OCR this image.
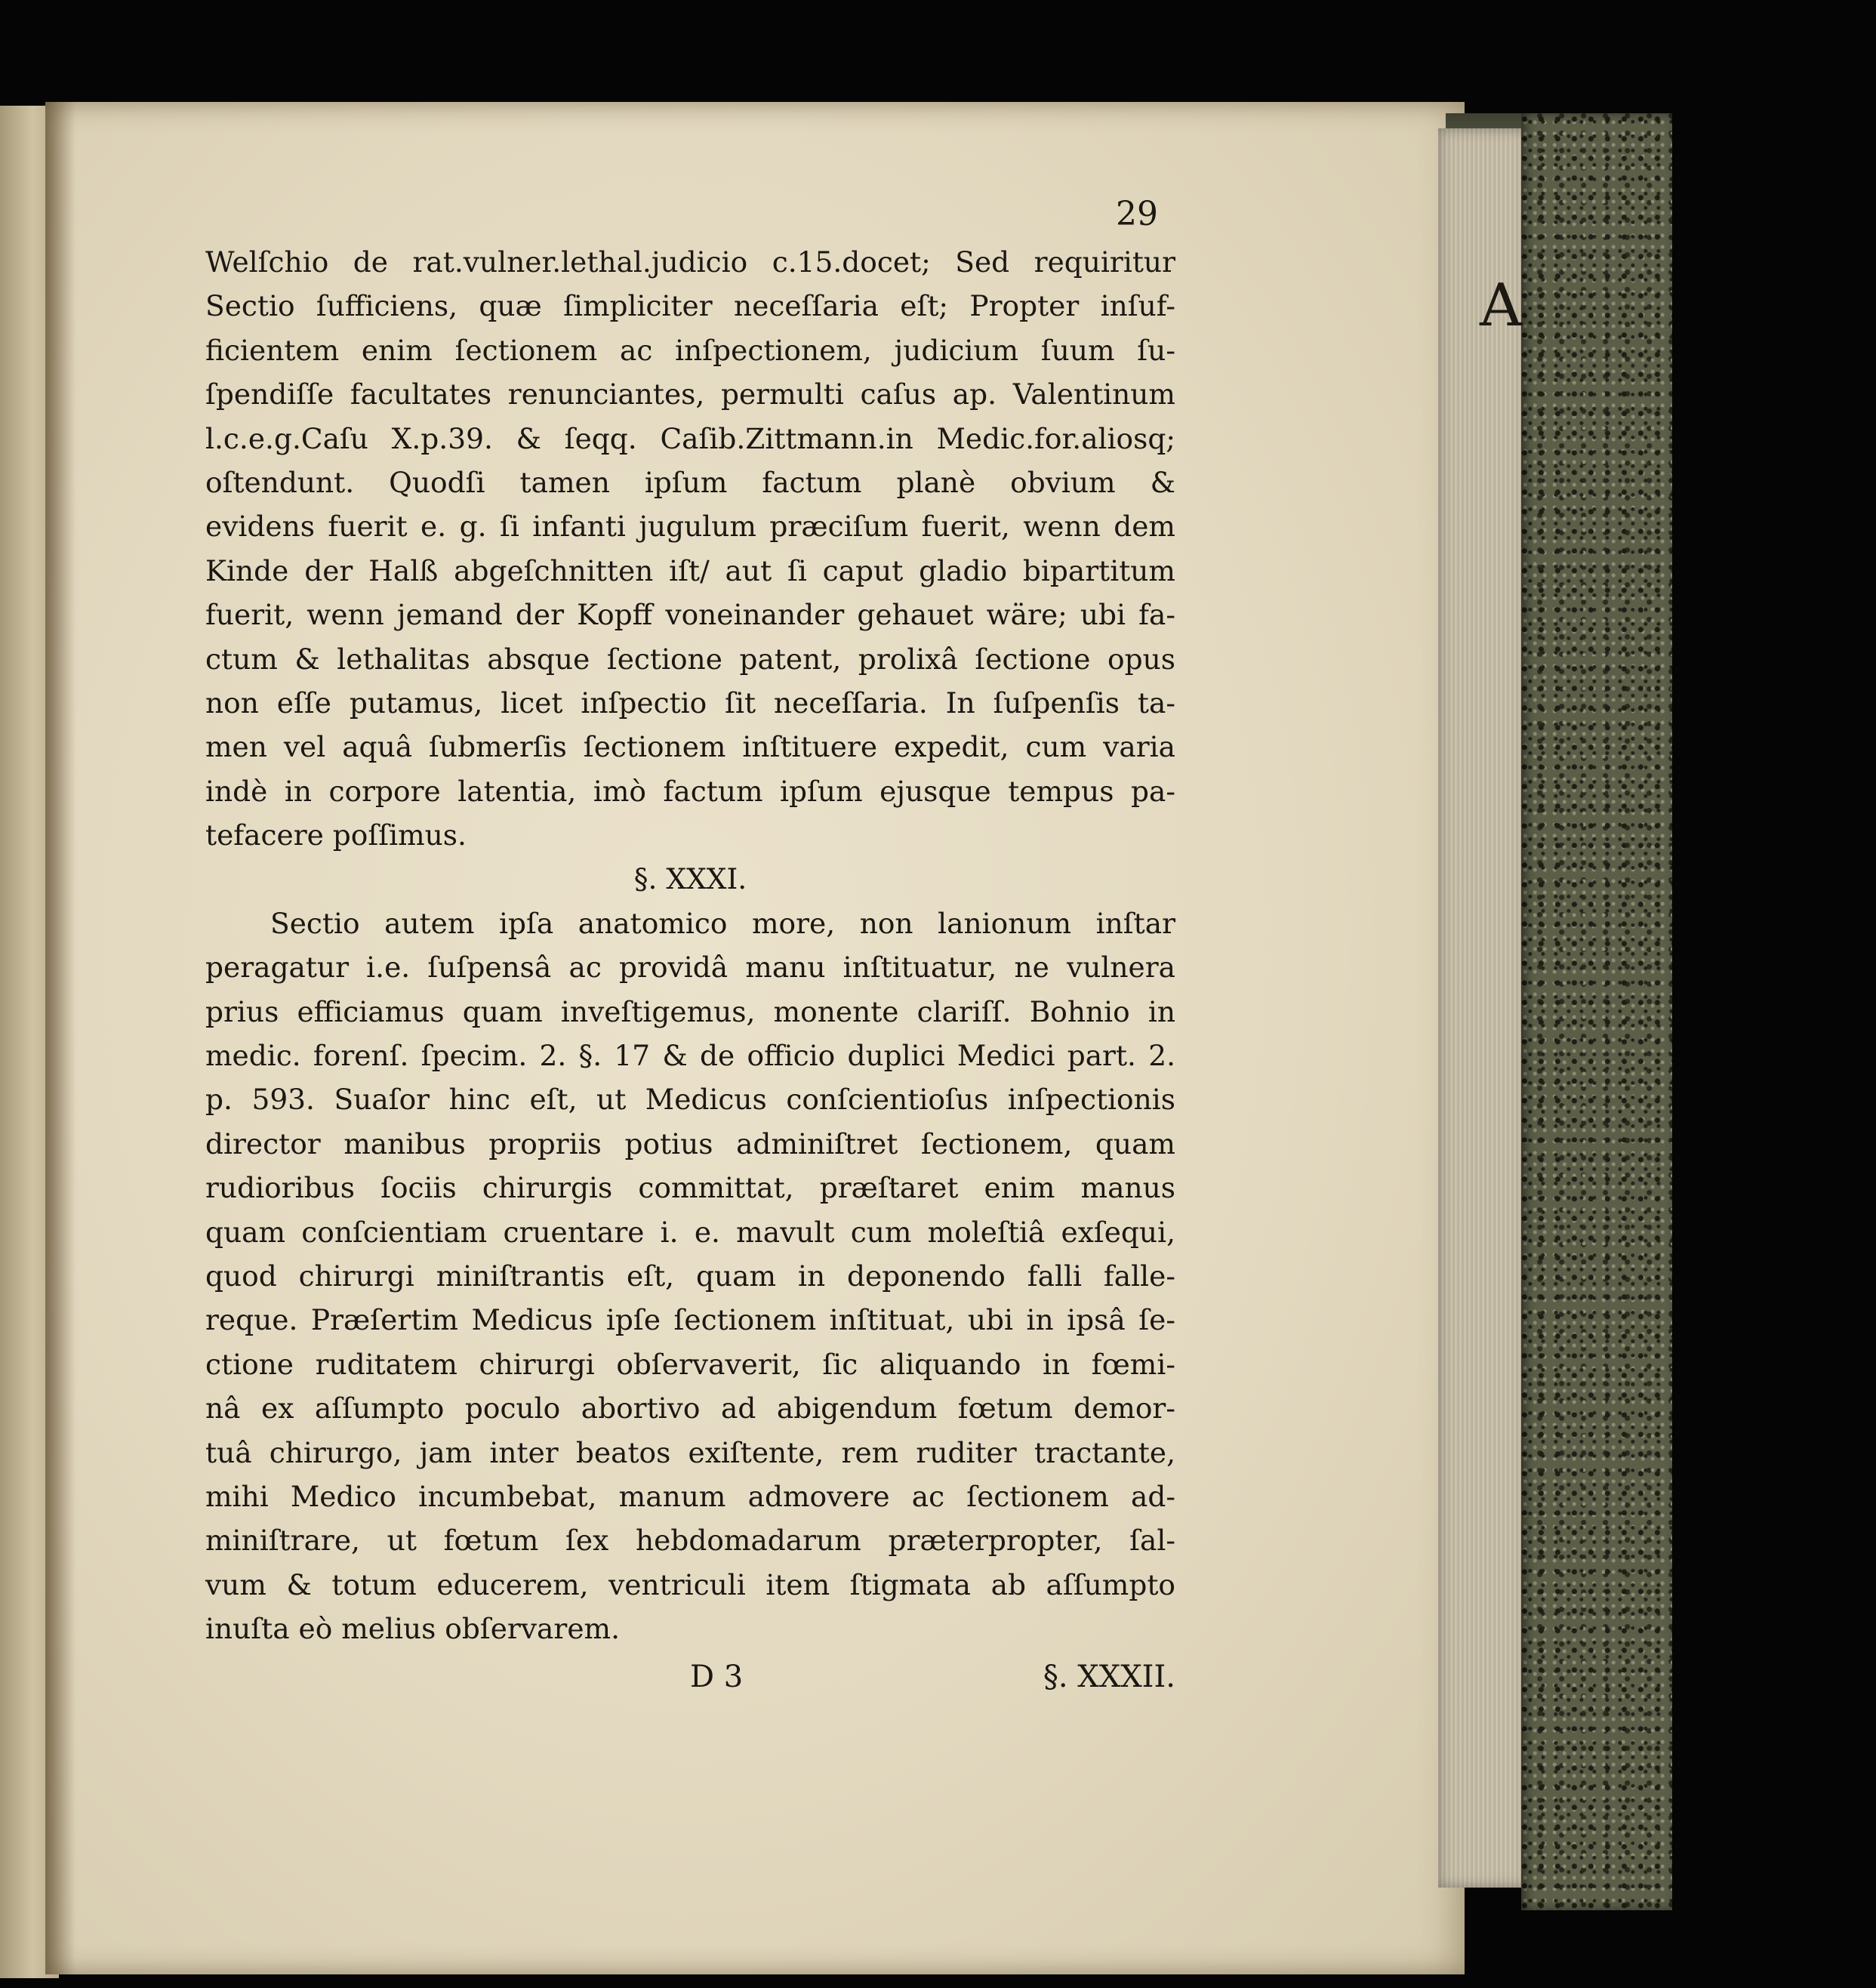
A
29
Welſchio de rat.vulner.lethal.judicio c.15.docet; Sed requiritur
Sectio ſufficiens, quæ ſimpliciter neceſſaria eſt; Propter inſuf-
ficientem enim ſectionem ac inſpectionem, judicium ſuum ſu-
ſpendiſſe facultates renunciantes, permulti caſus ap. Valentinum
l.c.e.g.Caſu X.p.39. & ſeqq. Caſib.Zittmann.in Medic.for.aliosq;
oſtendunt. Quodſi tamen ipſum factum planè obvium &
evidens fuerit e. g. ſi infanti jugulum præciſum fuerit, wenn dem
Kinde der Halß abgeſchnitten iſt/ aut ſi caput gladio bipartitum
fuerit, wenn jemand der Kopff voneinander gehauet wäre; ubi fa-
ctum & lethalitas absque ſectione patent, prolixâ ſectione opus
non eſſe putamus, licet inſpectio ſit neceſſaria. In ſuſpenſis ta-
men vel aquâ ſubmerſis ſectionem inſtituere expedit, cum varia
indè in corpore latentia, imò factum ipſum ejusque tempus pa-
tefacere poſſimus.
§. XXXI.
Sectio autem ipſa anatomico more, non lanionum inſtar
peragatur i.e. ſuſpensâ ac providâ manu inſtituatur, ne vulnera
prius efficiamus quam inveſtigemus, monente clariſſ. Bohnio in
medic. forenſ. ſpecim. 2. §. 17 & de officio duplici Medici part. 2.
p. 593. Suaſor hinc eſt, ut Medicus conſcientioſus inſpectionis
director manibus propriis potius adminiſtret ſectionem, quam
rudioribus ſociis chirurgis committat, præſtaret enim manus
quam conſcientiam cruentare i. e. mavult cum moleſtiâ exſequi,
quod chirurgi miniſtrantis eſt, quam in deponendo falli falle-
reque. Præſertim Medicus ipſe ſectionem inſtituat, ubi in ipsâ ſe-
ctione ruditatem chirurgi obſervaverit, ſic aliquando in fœmi-
nâ ex aſſumpto poculo abortivo ad abigendum fœtum demor-
tuâ chirurgo, jam inter beatos exiſtente, rem ruditer tractante,
mihi Medico incumbebat, manum admovere ac ſectionem ad-
miniſtrare, ut fœtum ſex hebdomadarum præterpropter, ſal-
vum & totum educerem, ventriculi item ſtigmata ab aſſumpto
inuſta eò melius obſervarem.
D 3	§. XXXII.
